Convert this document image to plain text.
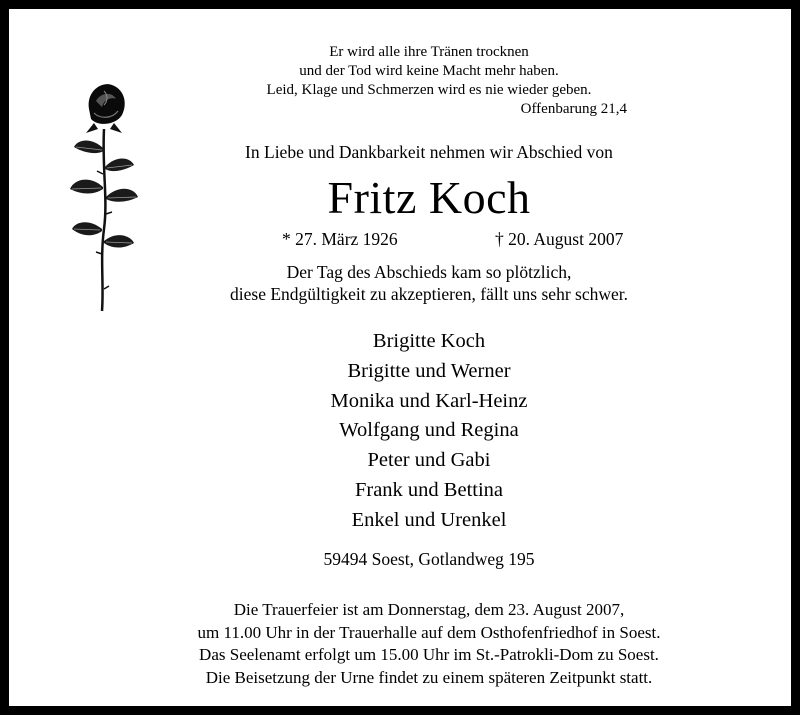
Er wird alle ihre Tränen trocknen
und der Tod wird keine Macht mehr haben.
Leid, Klage und Schmerzen wird es nie wieder geben.
Offenbarung 21,4
In Liebe und Dankbarkeit nehmen wir Abschied von
Fritz Koch
* 27. März 1926	† 20. August 2007
Der Tag des Abschieds kam so plötzlich,
diese Endgültigkeit zu akzeptieren, fällt uns sehr schwer.
Brigitte Koch
Brigitte und Werner
Monika und Karl-Heinz
Wolfgang und Regina
Peter und Gabi
Frank und Bettina
Enkel und Urenkel
59494 Soest, Gotlandweg 195
Die Trauerfeier ist am Donnerstag, dem 23. August 2007,
um 11.00 Uhr in der Trauerhalle auf dem Osthofenfriedhof in Soest.
Das Seelenamt erfolgt um 15.00 Uhr im St.-Patrokli-Dom zu Soest.
Die Beisetzung der Urne findet zu einem späteren Zeitpunkt statt.
